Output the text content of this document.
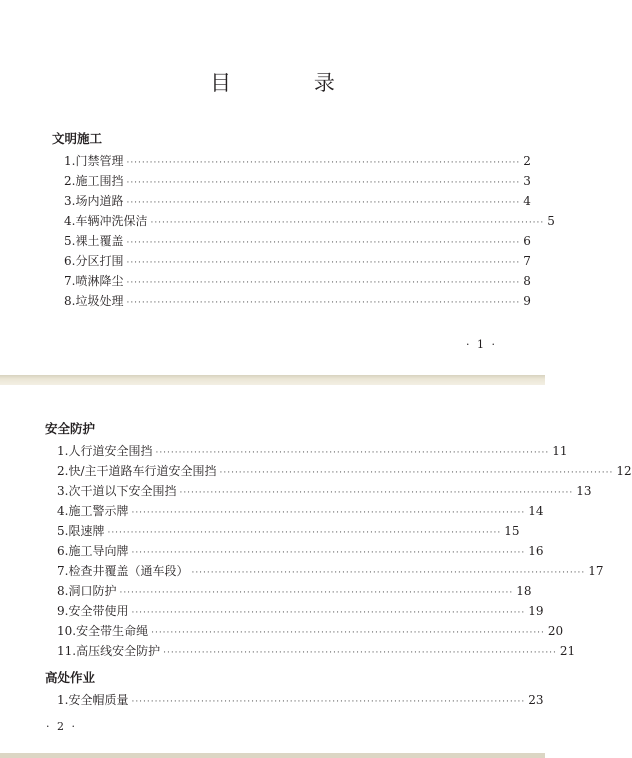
目 录
文明施工
1.门禁管理 ······································································································ 2
2.施工围挡 ······································································································ 3
3.场内道路 ······································································································ 4
4.车辆冲洗保洁 ······································································································ 5
5.裸土覆盖 ······································································································ 6
6.分区打围 ······································································································ 7
7.喷淋降尘 ······································································································ 8
8.垃圾处理 ······································································································ 9
· 1 ·
安全防护
1.人行道安全围挡 ······································································································ 11
2.快/主干道路车行道安全围挡 ······································································································ 12
3.次干道以下安全围挡 ······································································································ 13
4.施工警示牌 ······································································································ 14
5.限速牌 ······································································································ 15
6.施工导向牌 ······································································································ 16
7.检查井覆盖（通车段） ······································································································ 17
8.洞口防护 ······································································································ 18
9.安全带使用 ······································································································ 19
10.安全带生命绳 ······································································································ 20
11.高压线安全防护 ······································································································ 21
高处作业
1.安全帽质量 ······································································································ 23
· 2 ·
